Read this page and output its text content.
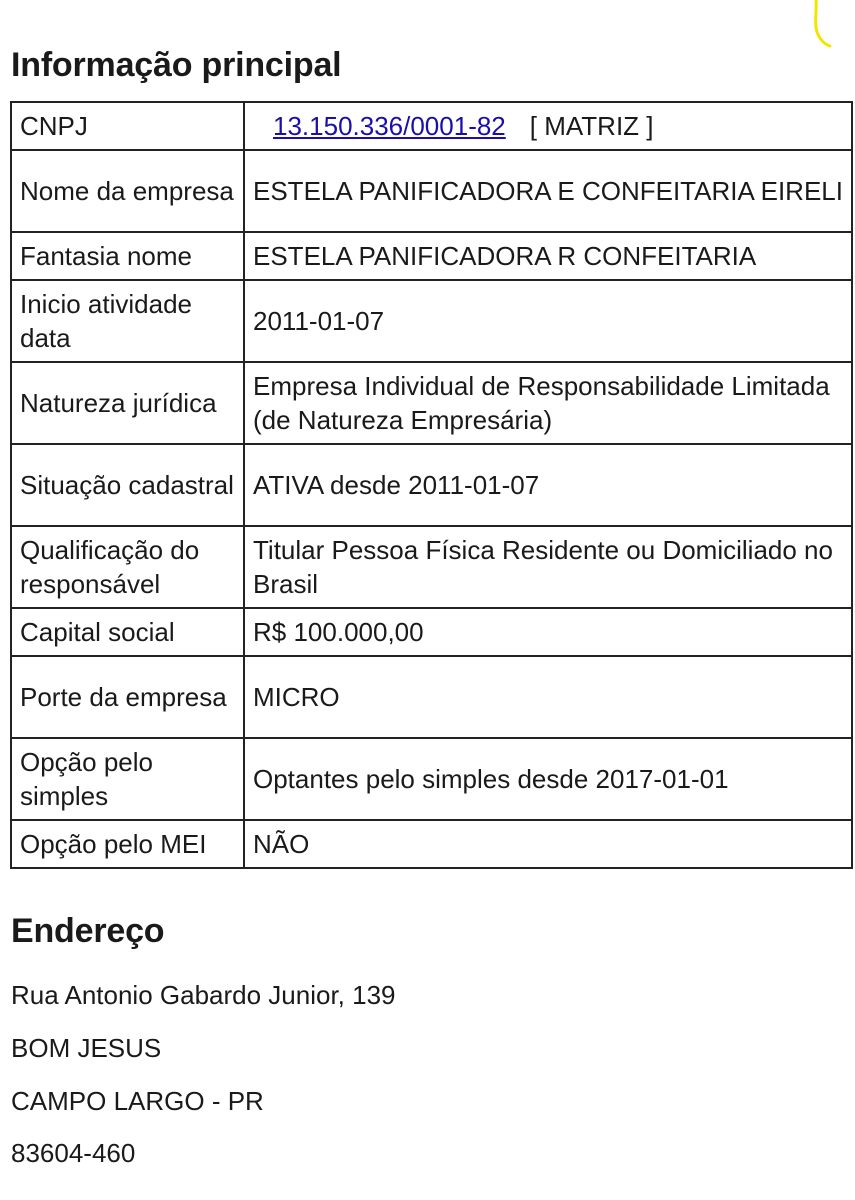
Informação principal
CNPJ	13.150.336/0001-82 [ MATRIZ ]
Nome da empresa	ESTELA PANIFICADORA E CONFEITARIA EIRELI
Fantasia nome	ESTELA PANIFICADORA R CONFEITARIA
Inicio atividade data	2011-01-07
Natureza jurídica	Empresa Individual de Responsabilidade Limitada (de Natureza Empresária)
Situação cadastral	ATIVA desde 2011-01-07
Qualificação do responsável	Titular Pessoa Física Residente ou Domiciliado no Brasil
Capital social	R$ 100.000,00
Porte da empresa	MICRO
Opção pelo simples	Optantes pelo simples desde 2017-01-01
Opção pelo MEI	NÃO
Endereço
Rua Antonio Gabardo Junior, 139
BOM JESUS
CAMPO LARGO - PR
83604-460
